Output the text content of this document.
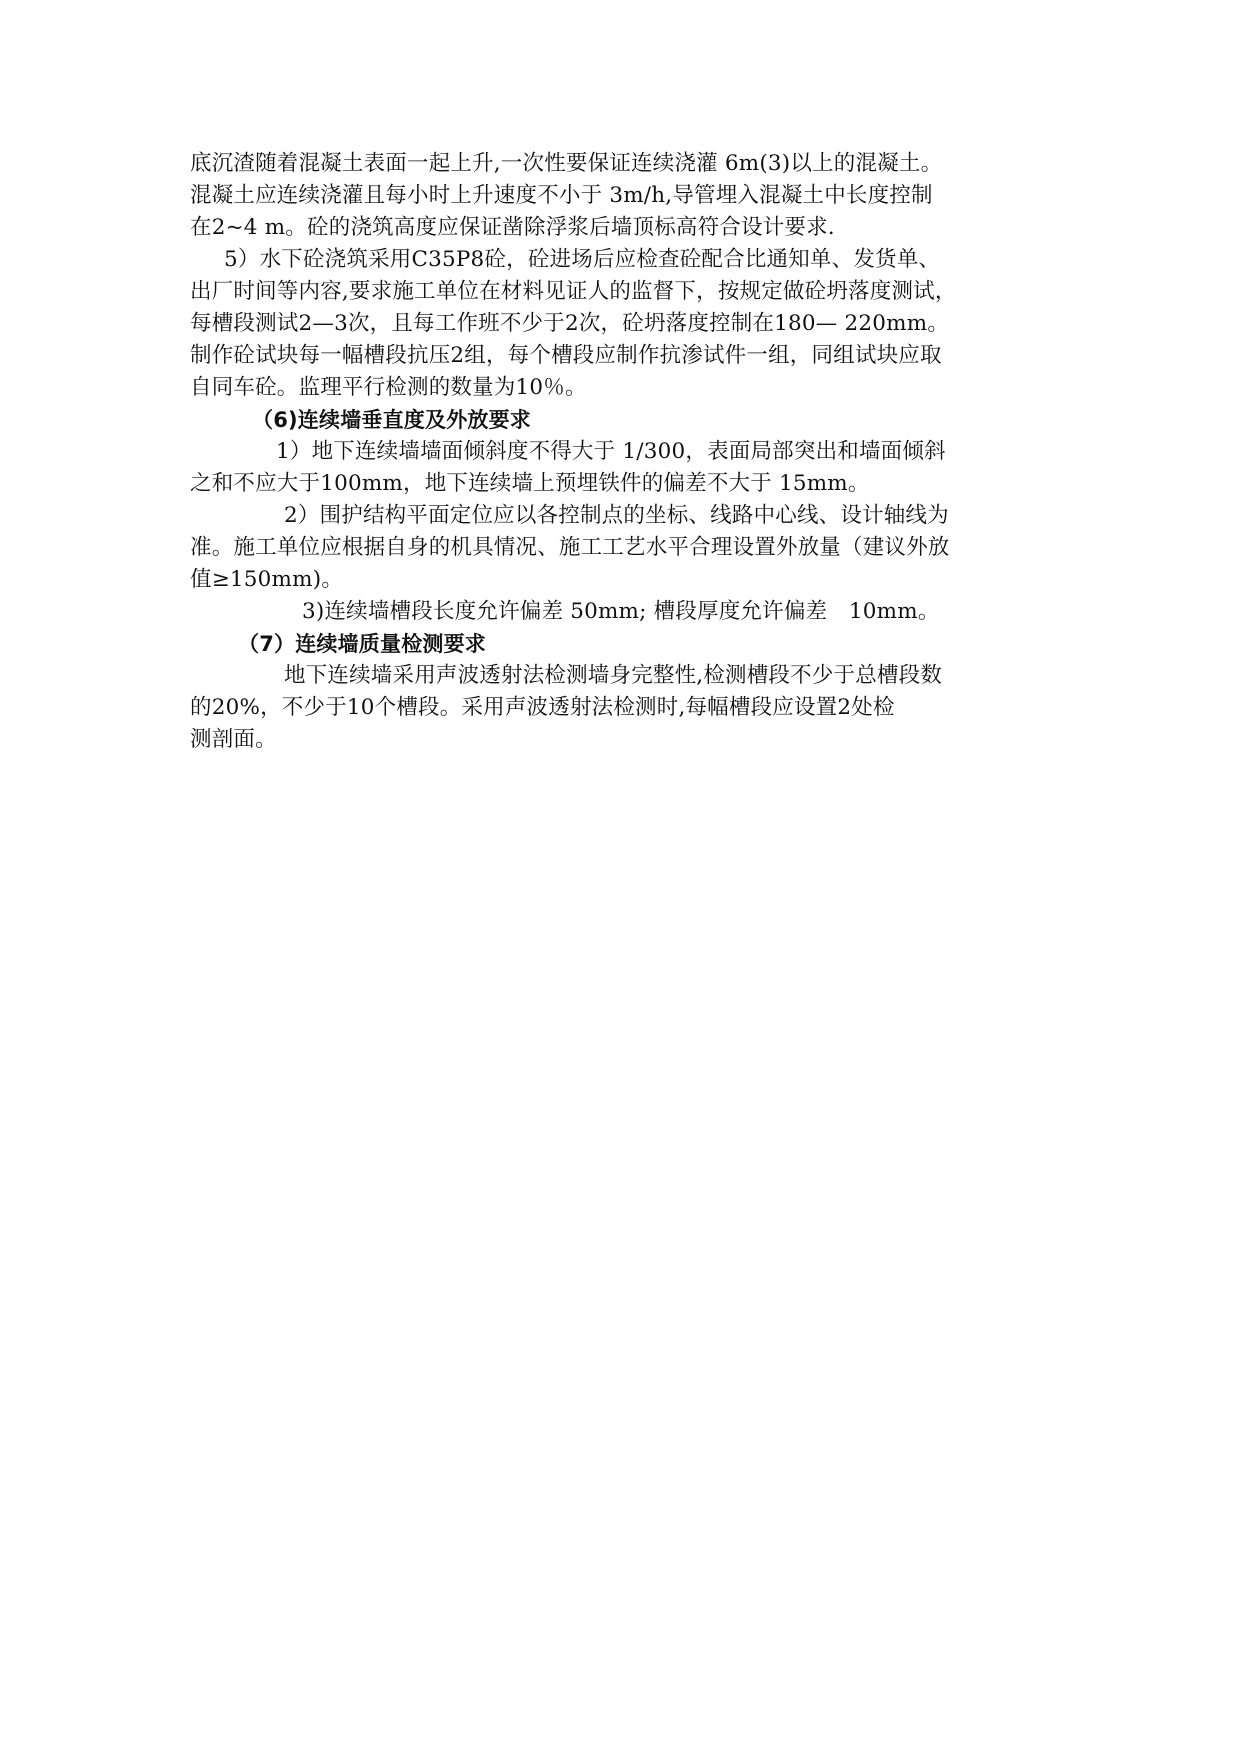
底沉渣随着混凝土表面一起上升,一次性要保证连续浇灌 6m(3)以上的混凝土。
混凝土应连续浇灌且每小时上升速度不小于 3m/h,导管埋入混凝土中长度控制
在2~4 m。砼的浇筑高度应保证凿除浮浆后墙顶标高符合设计要求.
5）水下砼浇筑采用C35P8砼，砼进场后应检查砼配合比通知单、发货单、
出厂时间等内容,要求施工单位在材料见证人的监督下，按规定做砼坍落度测试，
每槽段测试2—3次，且每工作班不少于2次，砼坍落度控制在180— 220mm。
制作砼试块每一幅槽段抗压2组，每个槽段应制作抗渗试件一组，同组试块应取
自同车砼。监理平行检测的数量为10％。
（6)连续墙垂直度及外放要求
1）地下连续墙墙面倾斜度不得大于 1/300，表面局部突出和墙面倾斜
之和不应大于100mm，地下连续墙上预埋铁件的偏差不大于 15mm。
2）围护结构平面定位应以各控制点的坐标、线路中心线、设计轴线为
准。施工单位应根据自身的机具情况、施工工艺水平合理设置外放量（建议外放
值≥150mm)。
3)连续墙槽段长度允许偏差 50mm; 槽段厚度允许偏差　10mm。
（7）连续墙质量检测要求
地下连续墙采用声波透射法检测墙身完整性,检测槽段不少于总槽段数
的20%，不少于10个槽段。采用声波透射法检测时,每幅槽段应设置2处检
测剖面。
